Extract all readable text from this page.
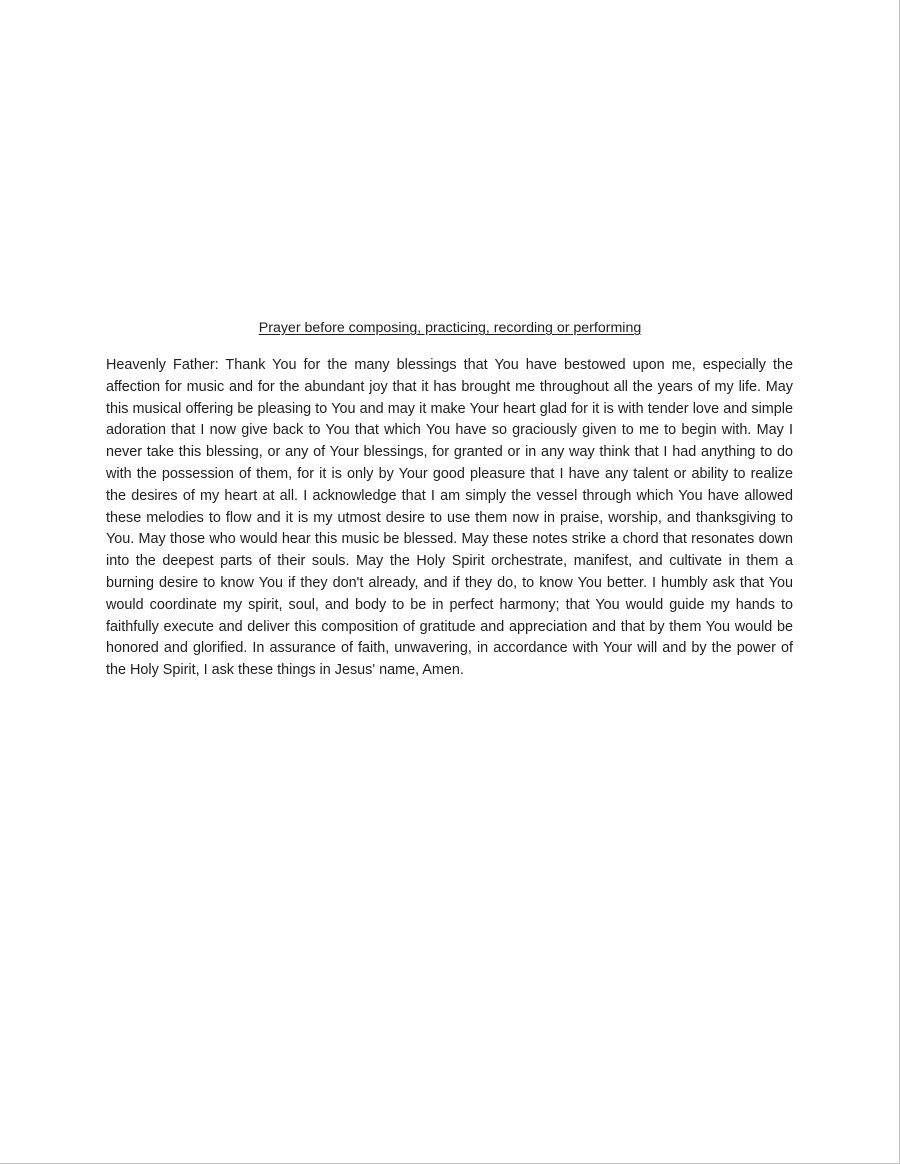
Prayer before composing, practicing, recording or performing

Heavenly Father: Thank You for the many blessings that You have bestowed upon me, especially the affection for music and for the abundant joy that it has brought me throughout all the years of my life. May this musical offering be pleasing to You and may it make Your heart glad for it is with tender love and simple adoration that I now give back to You that which You have so graciously given to me to begin with. May I never take this blessing, or any of Your blessings, for granted or in any way think that I had anything to do with the possession of them, for it is only by Your good pleasure that I have any talent or ability to realize the desires of my heart at all. I acknowledge that I am simply the vessel through which You have allowed these melodies to flow and it is my utmost desire to use them now in praise, worship, and thanksgiving to You. May those who would hear this music be blessed. May these notes strike a chord that resonates down into the deepest parts of their souls. May the Holy Spirit orchestrate, manifest, and cultivate in them a burning desire to know You if they don't already, and if they do, to know You better. I humbly ask that You would coordinate my spirit, soul, and body to be in perfect harmony; that You would guide my hands to faithfully execute and deliver this composition of gratitude and appreciation and that by them You would be honored and glorified. In assurance of faith, unwavering, in accordance with Your will and by the power of the Holy Spirit, I ask these things in Jesus' name, Amen.
